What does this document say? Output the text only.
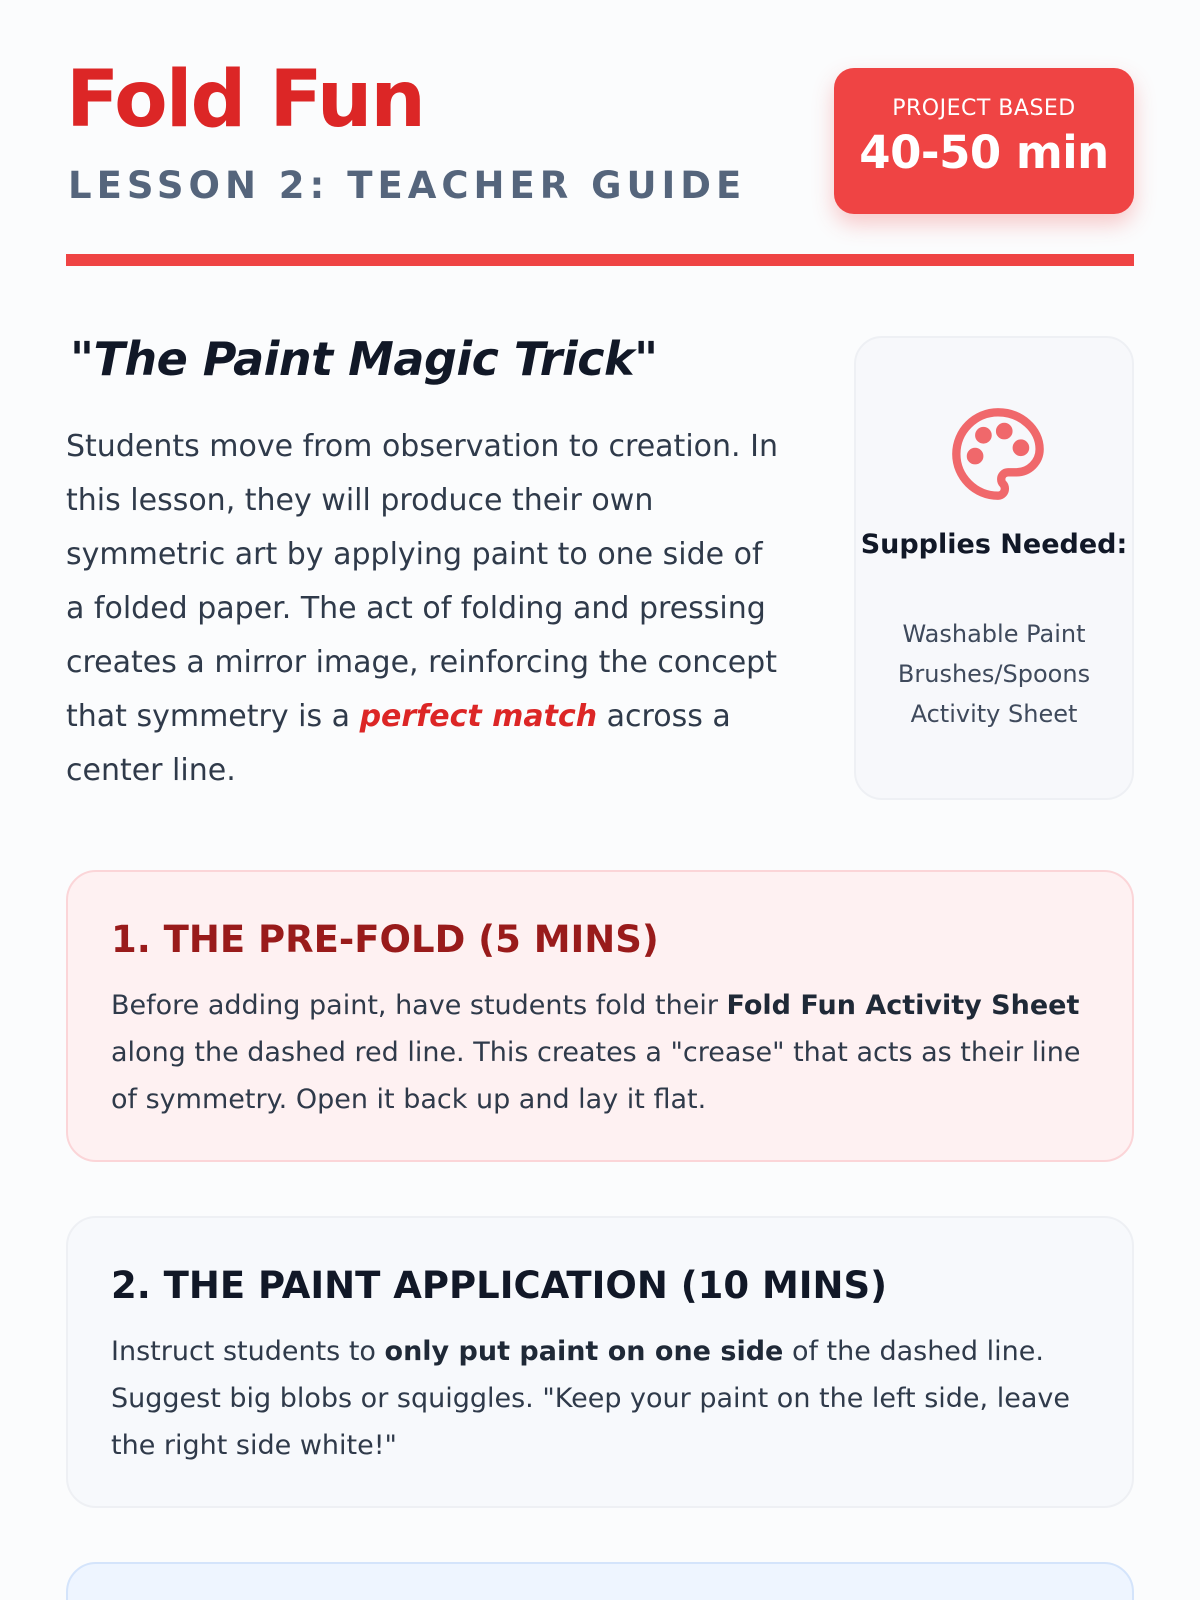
Fold Fun
LESSON 2: TEACHER GUIDE
PROJECT BASED
40-50 min
"The Paint Magic Trick"

Students move from observation to creation. In this lesson, they will produce their own symmetric art by applying paint to one side of a folded paper. The act of folding and pressing creates a mirror image, reinforcing the concept that symmetry is a perfect match across a center line.

Supplies Needed:
Washable Paint
Brushes/Spoons
Activity Sheet
1. THE PRE-FOLD (5 MINS)

Before adding paint, have students fold their Fold Fun Activity Sheet along the dashed red line. This creates a "crease" that acts as their line of symmetry. Open it back up and lay it flat.

2. THE PAINT APPLICATION (10 MINS)

Instruct students to only put paint on one side of the dashed line. Suggest big blobs or squiggles. "Keep your paint on the left side, leave the right side white!"
